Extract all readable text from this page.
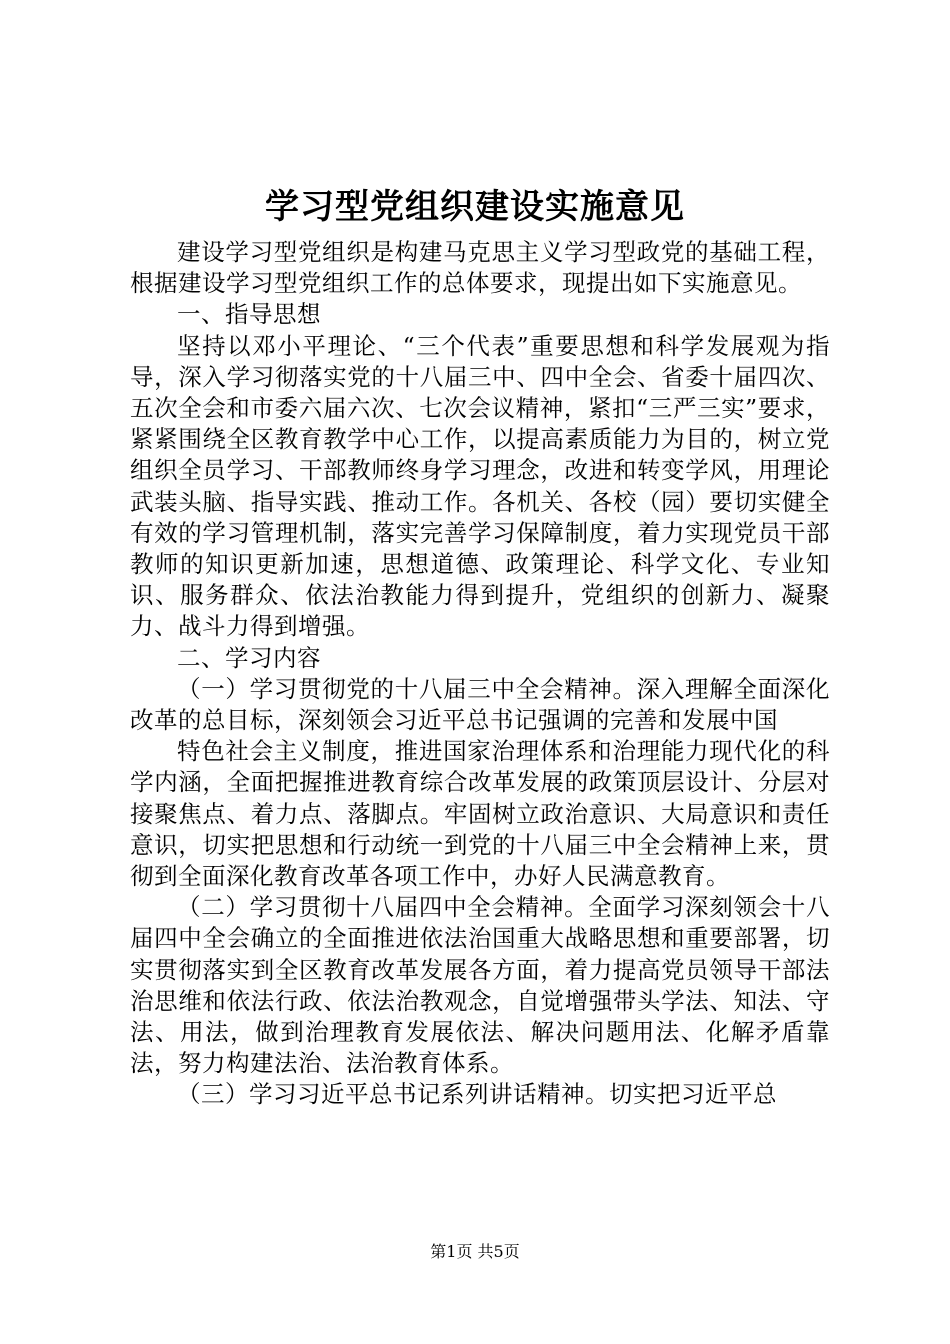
学习型党组织建设实施意见

建设学习型党组织是构建马克思主义学习型政党的基础工程，根据建设学习型党组织工作的总体要求，现提出如下实施意见。

一、指导思想

坚持以邓小平理论、“三个代表”重要思想和科学发展观为指导，深入学习彻落实党的十八届三中、四中全会、省委十届四次、五次全会和市委六届六次、七次会议精神，紧扣“三严三实”要求，紧紧围绕全区教育教学中心工作，以提高素质能力为目的，树立党组织全员学习、干部教师终身学习理念，改进和转变学风，用理论武装头脑、指导实践、推动工作。各机关、各校（园）要切实健全有效的学习管理机制，落实完善学习保障制度，着力实现党员干部教师的知识更新加速，思想道德、政策理论、科学文化、专业知识、服务群众、依法治教能力得到提升，党组织的创新力、凝聚力、战斗力得到增强。

二、学习内容

（一）学习贯彻党的十八届三中全会精神。深入理解全面深化改革的总目标，深刻领会习近平总书记强调的完善和发展中国

特色社会主义制度，推进国家治理体系和治理能力现代化的科学内涵，全面把握推进教育综合改革发展的政策顶层设计、分层对接聚焦点、着力点、落脚点。牢固树立政治意识、大局意识和责任意识，切实把思想和行动统一到党的十八届三中全会精神上来，贯彻到全面深化教育改革各项工作中，办好人民满意教育。

（二）学习贯彻十八届四中全会精神。全面学习深刻领会十八届四中全会确立的全面推进依法治国重大战略思想和重要部署，切实贯彻落实到全区教育改革发展各方面，着力提高党员领导干部法治思维和依法行政、依法治教观念，自觉增强带头学法、知法、守法、用法，做到治理教育发展依法、解决问题用法、化解矛盾靠法，努力构建法治、法治教育体系。

（三）学习习近平总书记系列讲话精神。切实把习近平总

第1页 共5页
